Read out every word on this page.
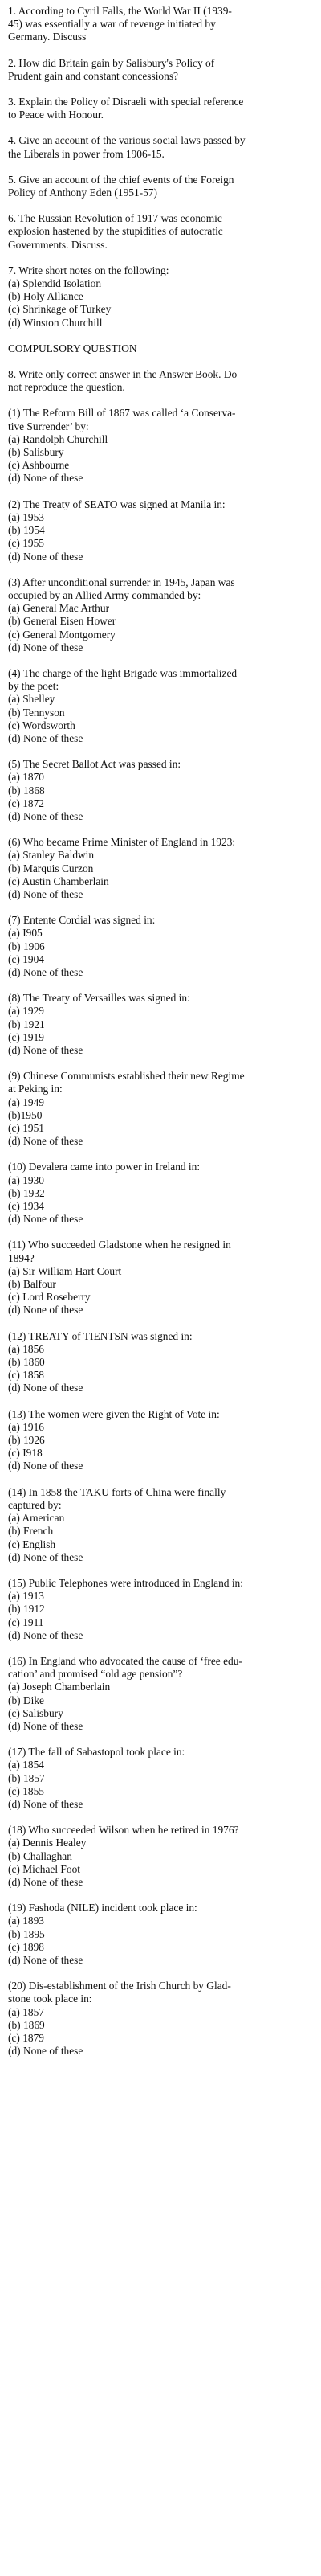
1. According to Cyril Falls, the World War II (1939-
45) was essentially a war of revenge initiated by
Germany. Discuss

2. How did Britain gain by Salisbury's Policy of
Prudent gain and constant concessions?

3. Explain the Policy of Disraeli with special reference
to Peace with Honour.

4. Give an account of the various social laws passed by
the Liberals in power from 1906-15.

5. Give an account of the chief events of the Foreign
Policy of Anthony Eden (1951-57)

6. The Russian Revolution of 1917 was economic
explosion hastened by the stupidities of autocratic
Governments. Discuss.

7. Write short notes on the following:
(a) Splendid Isolation
(b) Holy Alliance
(c) Shrinkage of Turkey
(d) Winston Churchill
COMPULSORY QUESTION

8. Write only correct answer in the Answer Book. Do
not reproduce the question.

(1) The Reform Bill of 1867 was called ‘a Conserva-
tive Surrender’ by:
(a) Randolph Churchill
(b) Salisbury
(c) Ashbourne
(d) None of these
(2) The Treaty of SEATO was signed at Manila in:
(a) 1953
(b) 1954
(c) 1955
(d) None of these
(3) After unconditional surrender in 1945, Japan was
occupied by an Allied Army commanded by:
(a) General Mac Arthur
(b) General Eisen Hower
(c) General Montgomery
(d) None of these
(4) The charge of the light Brigade was immortalized
by the poet:
(a) Shelley
(b) Tennyson
(c) Wordsworth
(d) None of these
(5) The Secret Ballot Act was passed in:
(a) 1870
(b) 1868
(c) 1872
(d) None of these
(6) Who became Prime Minister of England in 1923:
(a) Stanley Baldwin
(b) Marquis Curzon
(c) Austin Chamberlain
(d) None of these
(7) Entente Cordial was signed in:
(a) I905
(b) 1906
(c) 1904
(d) None of these
(8) The Treaty of Versailles was signed in:
(a) 1929
(b) 1921
(c) 1919
(d) None of these
(9) Chinese Communists established their new Regime
at Peking in:
(a) 1949
(b)1950
(c) 1951
(d) None of these
(10) Devalera came into power in Ireland in:
(a) 1930
(b) 1932
(c) 1934
(d) None of these
(11) Who succeeded Gladstone when he resigned in
1894?
(a) Sir William Hart Court
(b) Balfour
(c) Lord Roseberry
(d) None of these
(12) TREATY of TIENTSN was signed in:
(a) 1856
(b) 1860
(c) 1858
(d) None of these
(13) The women were given the Right of Vote in:
(a) 1916
(b) 1926
(c) I918
(d) None of these
(14) In 1858 the TAKU forts of China were finally
captured by:
(a) American
(b) French
(c) English
(d) None of these
(15) Public Telephones were introduced in England in:
(a) 1913
(b) 1912
(c) 1911
(d) None of these
(16) In England who advocated the cause of ‘free edu-
cation’ and promised “old age pension”?
(a) Joseph Chamberlain
(b) Dike
(c) Salisbury
(d) None of these
(17) The fall of Sabastopol took place in:
(a) 1854
(b) 1857
(c) 1855
(d) None of these
(18) Who succeeded Wilson when he retired in 1976?
(a) Dennis Healey
(b) Challaghan
(c) Michael Foot
(d) None of these
(19) Fashoda (NILE) incident took place in:
(a) 1893
(b) 1895
(c) 1898
(d) None of these
(20) Dis-establishment of the Irish Church by Glad-
stone took place in:
(a) 1857
(b) 1869
(c) 1879
(d) None of these
